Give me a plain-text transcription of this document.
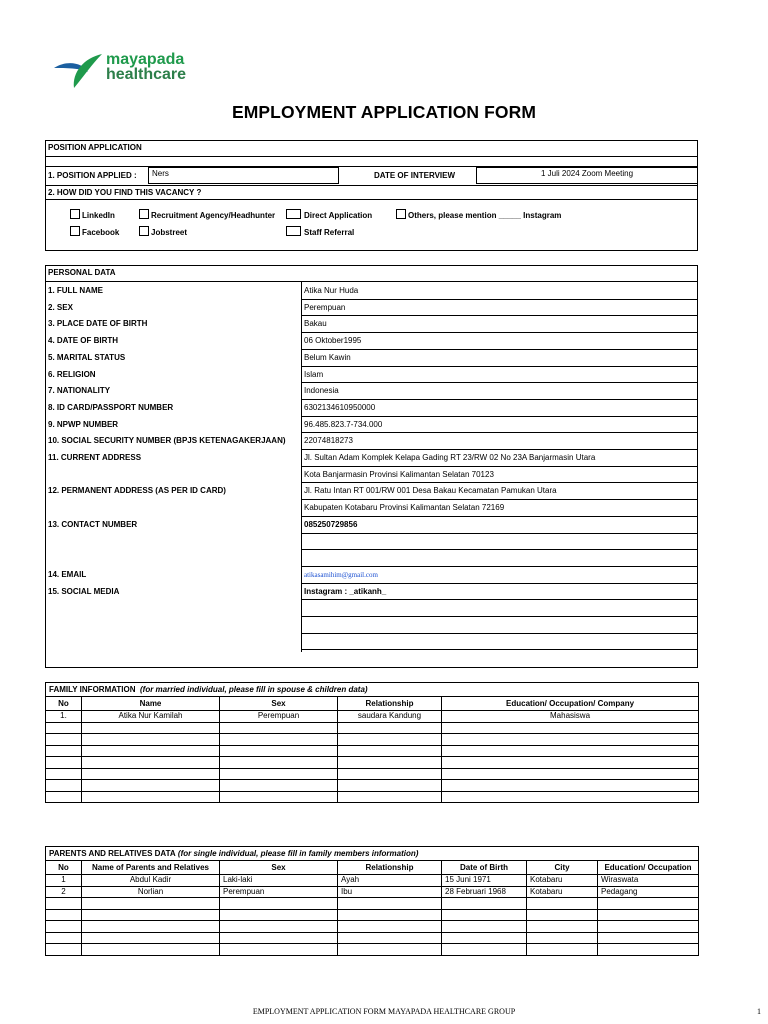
mayapada
healthcare
EMPLOYMENT APPLICATION FORM
POSITION APPLICATION
1. POSITION APPLIED :	Ners	DATE OF INTERVIEW	1 Juli 2024 Zoom Meeting
2. HOW DID YOU FIND THIS VACANCY ?
LinkedIn	Recruitment Agency/Headhunter	Direct Application	Others, please mention _____ Instagram
Facebook	Jobstreet	Staff Referral
PERSONAL DATA
1. FULL NAME	Atika Nur Huda
2. SEX	Perempuan
3. PLACE DATE OF BIRTH	Bakau
4. DATE OF BIRTH	06 Oktober1995
5. MARITAL STATUS	Belum Kawin
6. RELIGION	Islam
7. NATIONALITY	Indonesia
8. ID CARD/PASSPORT NUMBER	6302134610950000
9. NPWP NUMBER	96.485.823.7-734.000
10. SOCIAL SECURITY NUMBER (BPJS KETENAGAKERJAAN) 22074818273
11. CURRENT ADDRESS	Jl. Sultan Adam Komplek Kelapa Gading RT 23/RW 02 No 23A Banjarmasin Utara
Kota Banjarmasin Provinsi Kalimantan Selatan 70123
12. PERMANENT ADDRESS (AS PER ID CARD)	Jl. Ratu Intan RT 001/RW 001 Desa Bakau Kecamatan Pamukan Utara
Kabupaten Kotabaru Provinsi Kalimantan Selatan 72169
13. CONTACT NUMBER	085250729856
14. EMAIL	atikasamihim@gmail.com
15. SOCIAL MEDIA	Instagram : _atikanh_
FAMILY INFORMATION (for married individual, please fill in spouse & children data)				
No	Name	Sex	Relationship	Education/ Occupation/ Company
1.	Atika Nur Kamilah	Perempuan	saudara Kandung	Mahasiswa

PARENTS AND RELATIVES DATA (for single individual, please fill in family members information)						
No	Name of Parents and Relatives	Sex	Relationship	Date of Birth	City	Education/ Occupation
1	Abdul Kadir	Laki-laki	Ayah	15 Juni 1971	Kotabaru	Wiraswata
2	Norlian	Perempuan	Ibu	28 Februari 1968	Kotabaru	Pedagang

EMPLOYMENT APPLICATION FORM MAYAPADA HEALTHCARE GROUP	1
